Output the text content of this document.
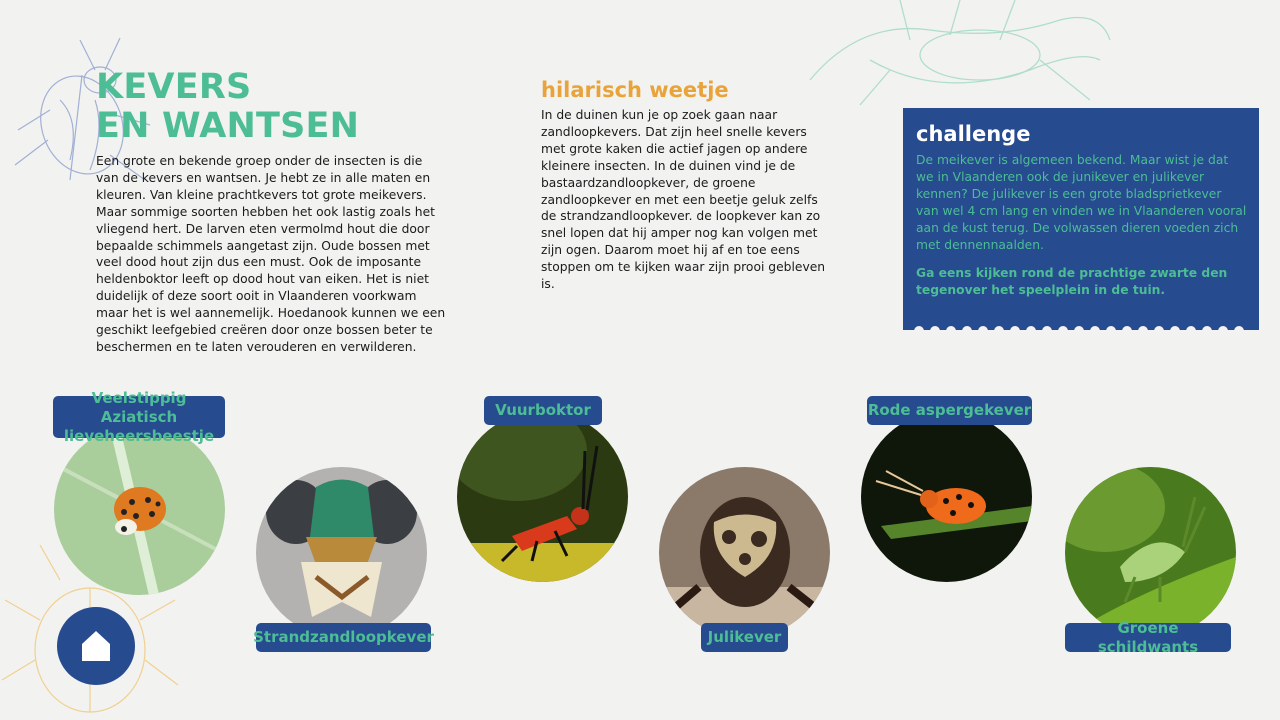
KEVERS
EN WANTSEN
Een grote en bekende groep onder de insecten is die van de kevers en wantsen. Je hebt ze in alle maten en kleuren. Van kleine prachtkevers tot grote meikevers. Maar sommige soorten hebben het ook lastig zoals het vliegend hert. De larven eten vermolmd hout die door bepaalde schimmels aangetast zijn. Oude bossen met veel dood hout zijn dus een must. Ook de imposante heldenboktor leeft op dood hout van eiken. Het is niet duidelijk of deze soort ooit in Vlaanderen voorkwam maar het is wel aannemelijk. Hoedanook kunnen we een geschikt leefgebied creëren door onze bossen beter te beschermen en te laten verouderen en verwilderen.
hilarisch weetje
In de duinen kun je op zoek gaan naar zandloopkevers. Dat zijn heel snelle kevers met grote kaken die actief jagen op andere kleinere insecten. In de duinen vind je de bastaardzandloopkever, de groene zandloopkever en met een beetje geluk zelfs de strandzandloopkever. de loopkever kan zo snel lopen dat hij amper nog kan volgen met zijn ogen. Daarom moet hij af en toe eens stoppen om te kijken waar zijn prooi gebleven is.
challenge

De meikever is algemeen bekend. Maar wist je dat we in Vlaanderen ook de junikever en julikever kennen? De julikever is een grote bladsprietkever van wel 4 cm lang en vinden we in Vlaanderen vooral aan de kust terug. De volwassen dieren voeden zich met dennennaalden.

Ga eens kijken rond de prachtige zwarte den tegenover het speelplein in de tuin.

Veelstippig Aziatisch lieveheersbeestje
Strandzandloopkever
Vuurboktor
Julikever
Rode aspergekever
Groene schildwants
